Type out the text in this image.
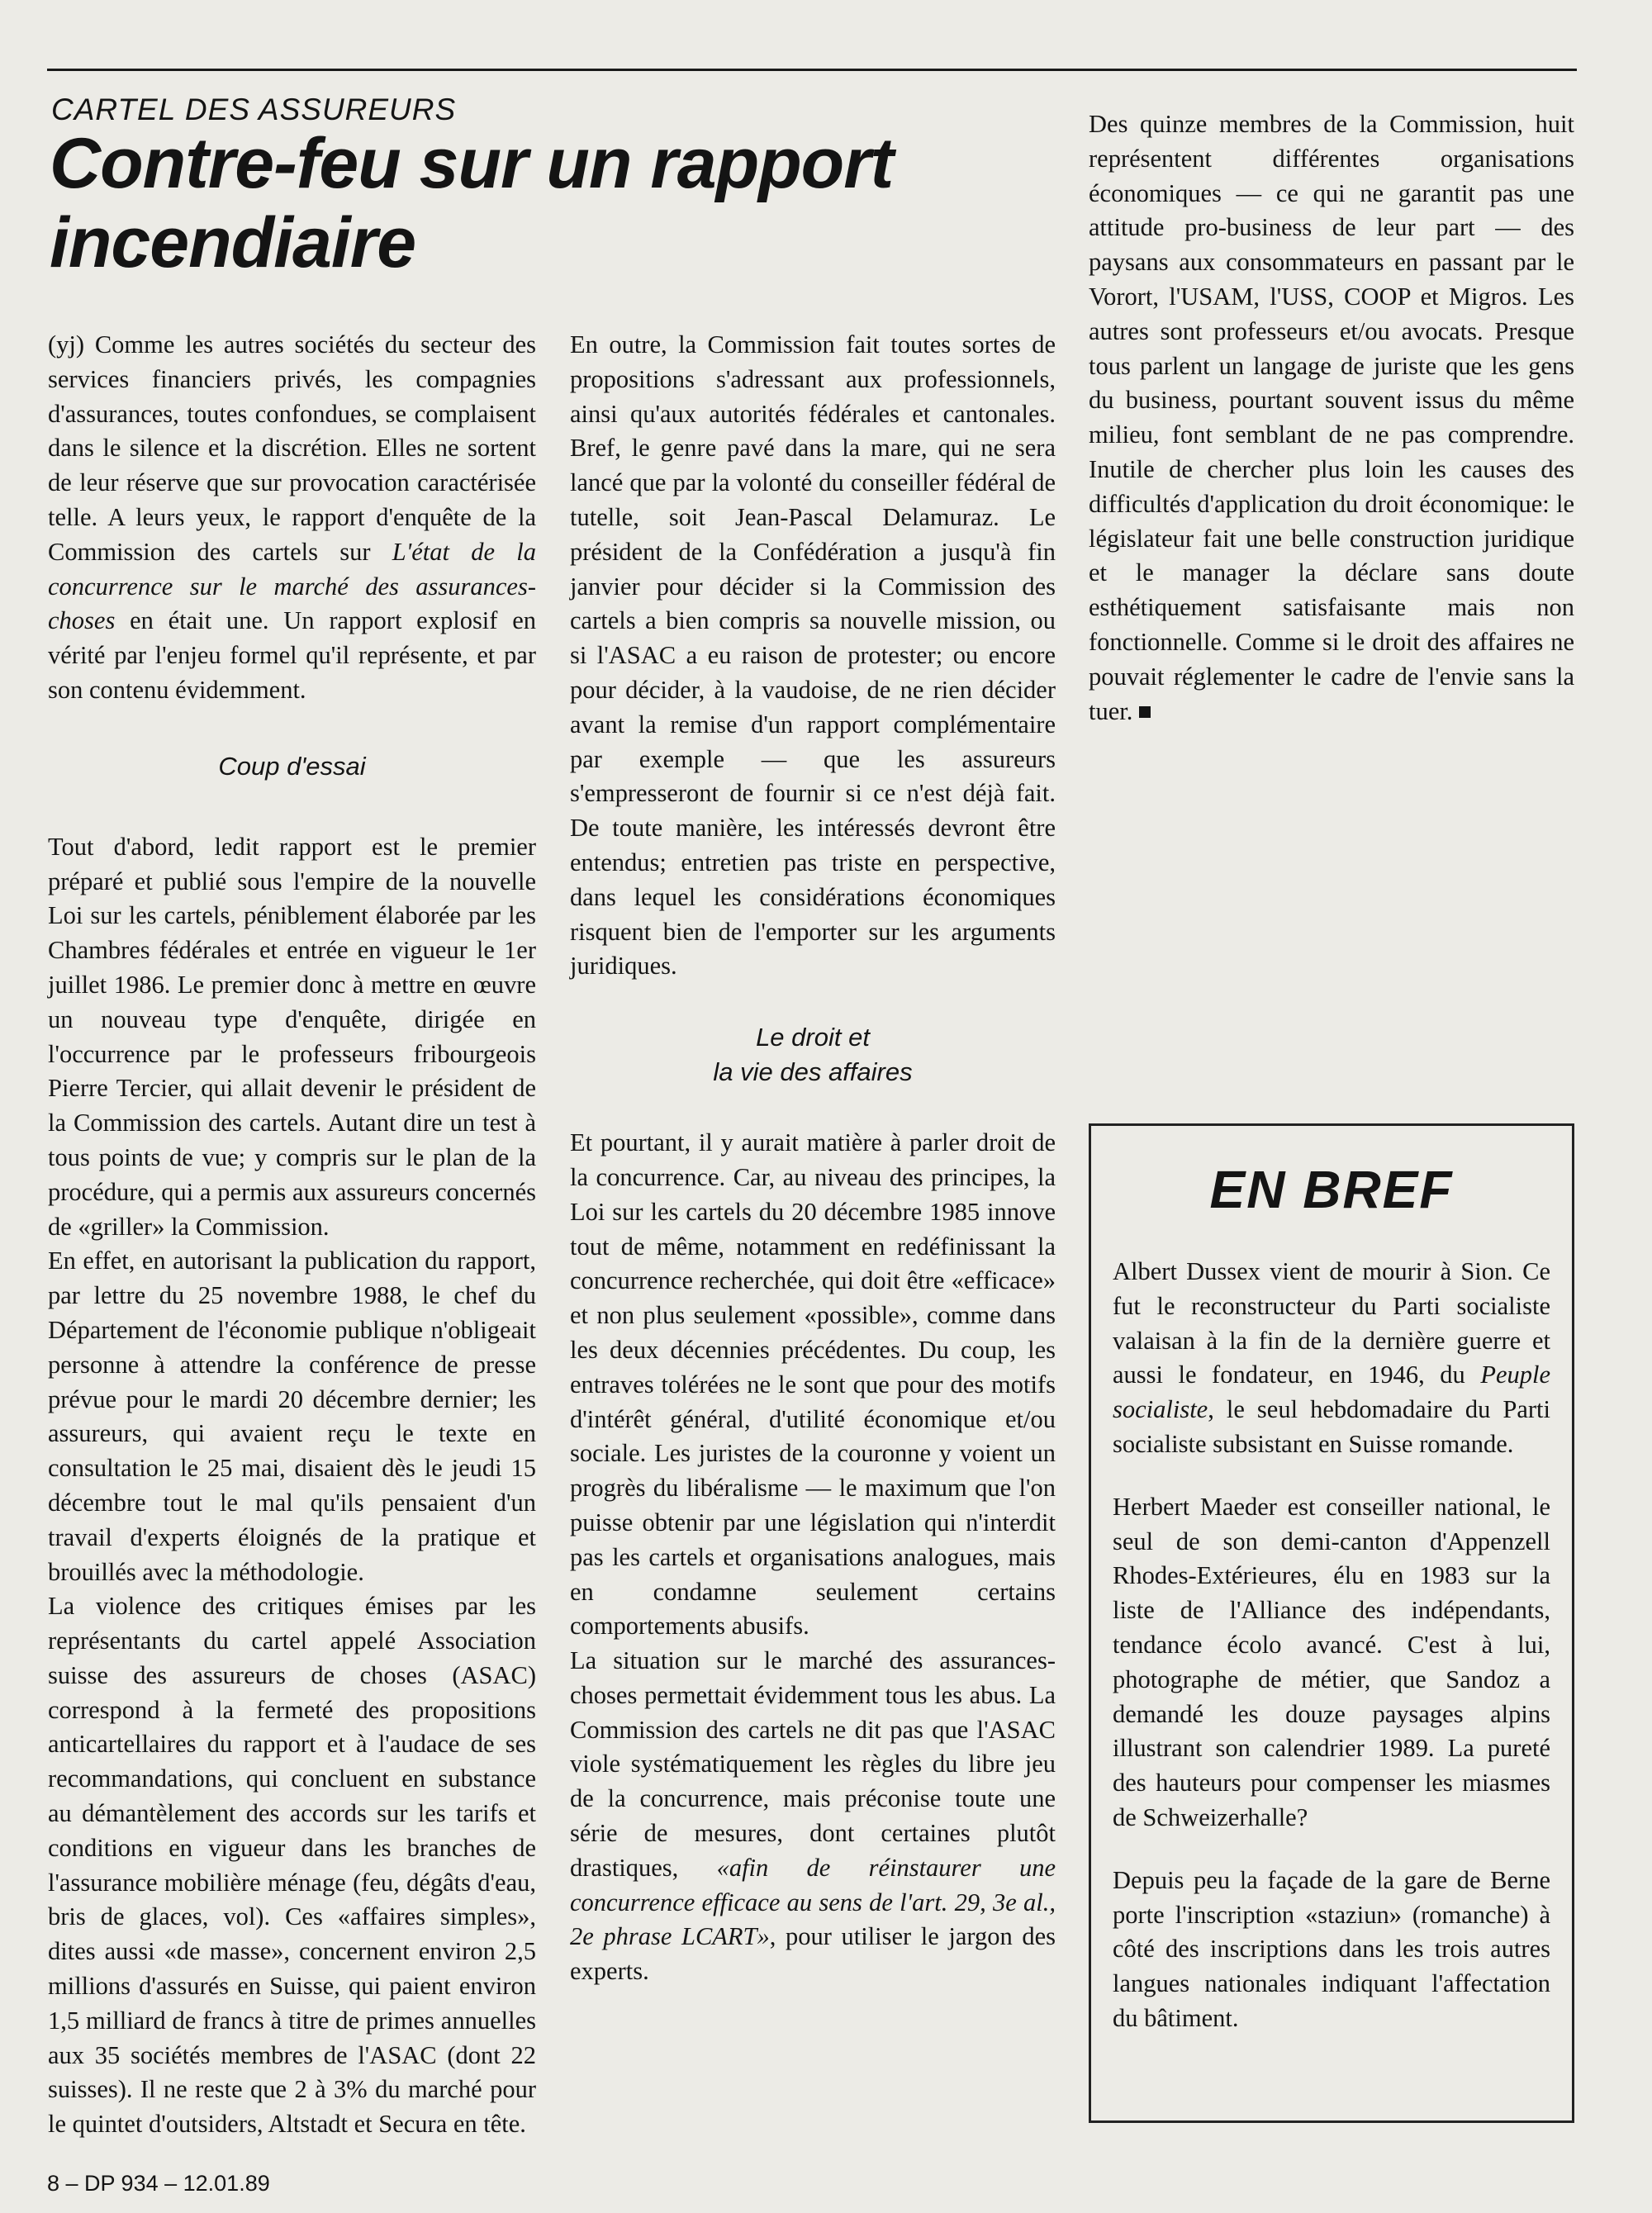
CARTEL DES ASSUREURS
Contre-feu sur un rapport incendiaire

(yj) Comme les autres sociétés du secteur des services financiers privés, les compagnies d'assurances, toutes confondues, se complaisent dans le silence et la discrétion. Elles ne sortent de leur réserve que sur provocation caractérisée telle. A leurs yeux, le rapport d'enquête de la Commission des cartels sur L'état de la concurrence sur le marché des assurances-choses en était une. Un rapport explosif en vérité par l'enjeu formel qu'il représente, et par son contenu évidemment.

Coup d'essai

Tout d'abord, ledit rapport est le premier préparé et publié sous l'empire de la nouvelle Loi sur les cartels, péniblement élaborée par les Chambres fédérales et entrée en vigueur le 1er juillet 1986. Le premier donc à mettre en œuvre un nouveau type d'enquête, dirigée en l'occurrence par le professeurs fribourgeois Pierre Tercier, qui allait devenir le président de la Commission des cartels. Autant dire un test à tous points de vue; y compris sur le plan de la procédure, qui a permis aux assureurs concernés de «griller» la Commission.

En effet, en autorisant la publication du rapport, par lettre du 25 novembre 1988, le chef du Département de l'économie publique n'obligeait personne à attendre la conférence de presse prévue pour le mardi 20 décembre dernier; les assureurs, qui avaient reçu le texte en consultation le 25 mai, disaient dès le jeudi 15 décembre tout le mal qu'ils pensaient d'un travail d'experts éloignés de la pratique et brouillés avec la méthodologie.

La violence des critiques émises par les représentants du cartel appelé Association suisse des assureurs de choses (ASAC) correspond à la fermeté des propositions anticartellaires du rapport et à l'audace de ses recommandations, qui concluent en substance au démantèlement des accords sur les tarifs et conditions en vigueur dans les branches de l'assurance mobilière ménage (feu, dégâts d'eau, bris de glaces, vol). Ces «affaires simples», dites aussi «de masse», concernent environ 2,5 millions d'assurés en Suisse, qui paient environ 1,5 milliard de francs à titre de primes annuelles aux 35 sociétés membres de l'ASAC (dont 22 suisses). Il ne reste que 2 à 3% du marché pour le quintet d'outsiders, Altstadt et Secura en tête.

En outre, la Commission fait toutes sortes de propositions s'adressant aux professionnels, ainsi qu'aux autorités fédérales et cantonales. Bref, le genre pavé dans la mare, qui ne sera lancé que par la volonté du conseiller fédéral de tutelle, soit Jean-Pascal Delamuraz. Le président de la Confédération a jusqu'à fin janvier pour décider si la Commission des cartels a bien compris sa nouvelle mission, ou si l'ASAC a eu raison de protester; ou encore pour décider, à la vaudoise, de ne rien décider avant la remise d'un rapport complémentaire par exemple — que les assureurs s'empresseront de fournir si ce n'est déjà fait. De toute manière, les intéressés devront être entendus; entretien pas triste en perspective, dans lequel les considérations économiques risquent bien de l'emporter sur les arguments juridiques.

Le droit et
la vie des affaires

Et pourtant, il y aurait matière à parler droit de la concurrence. Car, au niveau des principes, la Loi sur les cartels du 20 décembre 1985 innove tout de même, notamment en redéfinissant la concurrence recherchée, qui doit être «efficace» et non plus seulement «possible», comme dans les deux décennies précédentes. Du coup, les entraves tolérées ne le sont que pour des motifs d'intérêt général, d'utilité économique et/ou sociale. Les juristes de la couronne y voient un progrès du libéralisme — le maximum que l'on puisse obtenir par une législation qui n'interdit pas les cartels et organisations analogues, mais en condamne seulement certains comportements abusifs.

La situation sur le marché des assurances-choses permettait évidemment tous les abus. La Commission des cartels ne dit pas que l'ASAC viole systématiquement les règles du libre jeu de la concurrence, mais préconise toute une série de mesures, dont certaines plutôt drastiques, «afin de réinstaurer une concurrence efficace au sens de l'art. 29, 3e al., 2e phrase LCART», pour utiliser le jargon des experts.

Des quinze membres de la Commission, huit représentent différentes organisations économiques — ce qui ne garantit pas une attitude pro-business de leur part — des paysans aux consommateurs en passant par le Vorort, l'USAM, l'USS, COOP et Migros. Les autres sont professeurs et/ou avocats. Presque tous parlent un langage de juriste que les gens du business, pourtant souvent issus du même milieu, font semblant de ne pas comprendre. Inutile de chercher plus loin les causes des difficultés d'application du droit économique: le législateur fait une belle construction juridique et le manager la déclare sans doute esthétiquement satisfaisante mais non fonctionnelle. Comme si le droit des affaires ne pouvait réglementer le cadre de l'envie sans la tuer.

EN BREF

Albert Dussex vient de mourir à Sion. Ce fut le reconstructeur du Parti socialiste valaisan à la fin de la dernière guerre et aussi le fondateur, en 1946, du Peuple socialiste, le seul hebdomadaire du Parti socialiste subsistant en Suisse romande.

Herbert Maeder est conseiller national, le seul de son demi-canton d'Appenzell Rhodes-Extérieures, élu en 1983 sur la liste de l'Alliance des indépendants, tendance écolo avancé. C'est à lui, photographe de métier, que Sandoz a demandé les douze paysages alpins illustrant son calendrier 1989. La pureté des hauteurs pour compenser les miasmes de Schweizerhalle?

Depuis peu la façade de la gare de Berne porte l'inscription «staziun» (romanche) à côté des inscriptions dans les trois autres langues nationales indiquant l'affectation du bâtiment.

8 – DP 934 – 12.01.89
